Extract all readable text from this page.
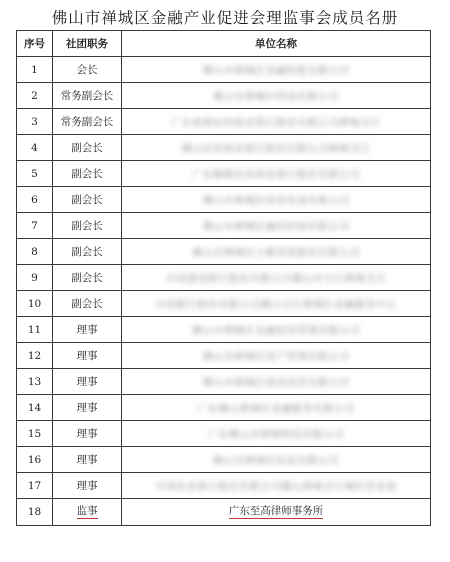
佛山市禅城区金融产业促进会理监事会成员名册
序号	社团职务	单位名称
1	会长	佛山市禅城区金融控股有限公司
2	常务副会长	佛山市禅城区科技有限公司
3	常务副会长	广东南海农村商业银行股份有限公司禅城支行
4	副会长	佛山农村商业银行股份有限公司禅城支行
5	副会长	广东顺德农村商业银行股份有限公司
6	副会长	佛山市禅城区投资发展有限公司
7	副会长	佛山市禅城区融资担保有限公司
8	副会长	佛山市禅城区小额贷款股份有限公司
9	副会长	中国建设银行股份有限公司佛山市分行禅城支行
10	副会长	中国银行股份有限公司佛山分行禅城区金融服务中心
11	理事	佛山市禅城区金融投资管理有限公司
12	理事	佛山市禅城区资产管理有限公司
13	理事	佛山市禅城区创业投资有限公司
14	理事	广东佛山禅城区金融服务有限公司
15	理事	广东佛山市禅城科技有限公司
16	理事	佛山市禅城区信息有限公司
17	理事	中国农业银行股份有限公司佛山禅城支行城区营业部
18	监事	广东至高律师事务所
